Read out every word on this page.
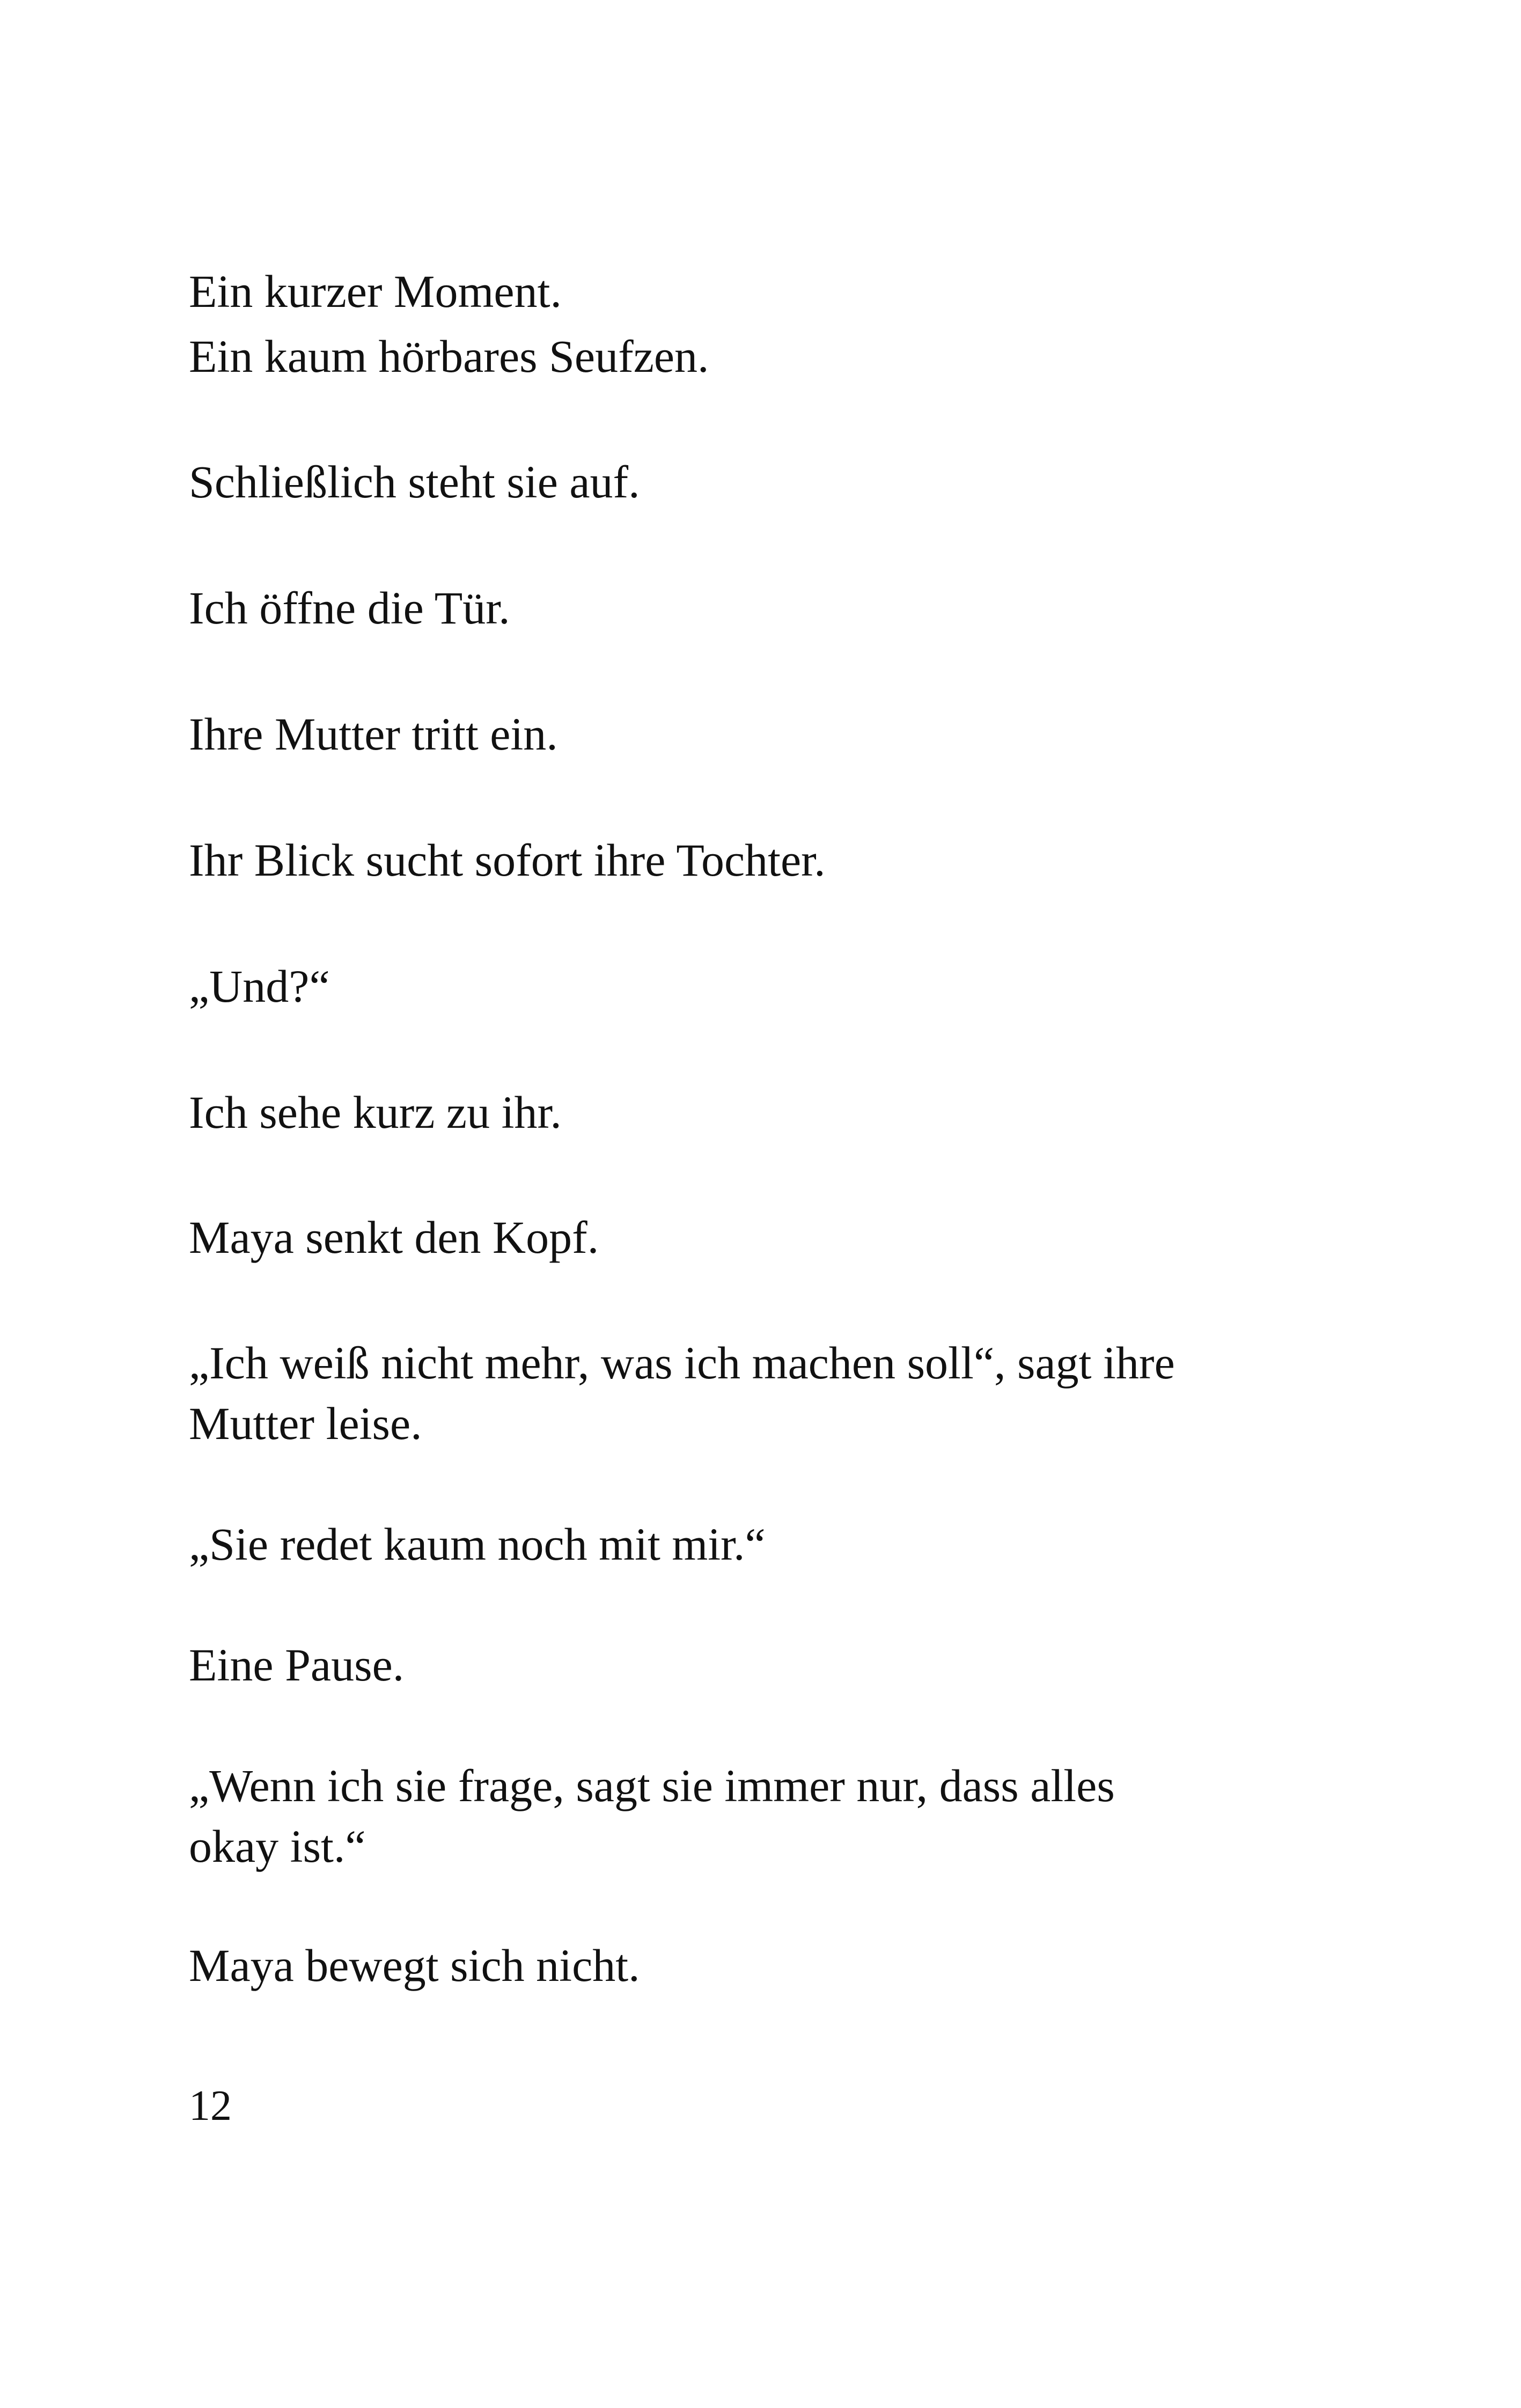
Ein kurzer Moment.

Ein kaum hörbares Seufzen.

Schließlich steht sie auf.

Ich öffne die Tür.

Ihre Mutter tritt ein.

Ihr Blick sucht sofort ihre Tochter.

„Und?“

Ich sehe kurz zu ihr.

Maya senkt den Kopf.

„Ich weiß nicht mehr, was ich machen soll“, sagt ihre

Mutter leise.

„Sie redet kaum noch mit mir.“

Eine Pause.

„Wenn ich sie frage, sagt sie immer nur, dass alles

okay ist.“

Maya bewegt sich nicht.

12
